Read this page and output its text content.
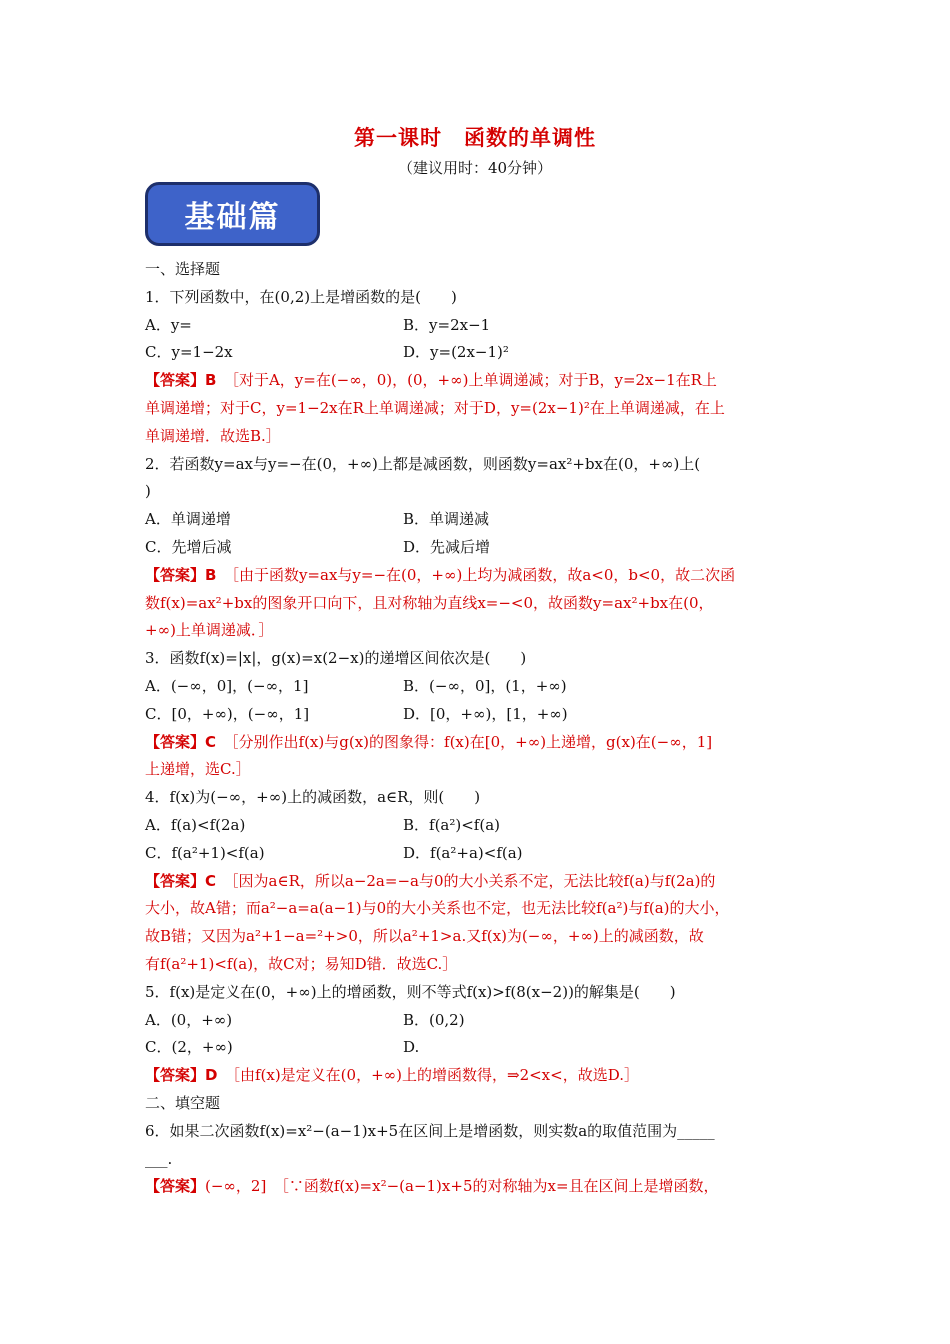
第一课时　函数的单调性
（建议用时：40分钟）
基础篇
一、选择题
1．下列函数中，在(0,2)上是增函数的是(　　)
A．y=	B．y=2x−1
C．y=1−2x	D．y=(2x−1)²
【答案】B　 ［对于A，y=在(−∞，0)，(0，+∞)上单调递减；对于B，y=2x−1在R上
单调递增；对于C，y=1−2x在R上单调递减；对于D，y=(2x−1)²在上单调递减，在上
单调递增．故选B.］
2．若函数y=ax与y=−在(0，+∞)上都是减函数，则函数y=ax²+bx在(0，+∞)上(
)
A．单调递增	B．单调递减
C．先增后减	D．先减后增
【答案】B　 ［由于函数y=ax与y=−在(0，+∞)上均为减函数，故a<0，b<0，故二次函
数f(x)=ax²+bx的图象开口向下，且对称轴为直线x=−<0，故函数y=ax²+bx在(0，
+∞)上单调递减．］
3．函数f(x)=|x|，g(x)=x(2−x)的递增区间依次是(　　)
A．(−∞，0]，(−∞，1]	B．(−∞，0]，(1，+∞)
C．[0，+∞)，(−∞，1]	D．[0，+∞)，[1，+∞)
【答案】C　 ［分别作出f(x)与g(x)的图象得：f(x)在[0，+∞)上递增，g(x)在(−∞，1]
上递增，选C.］
4．f(x)为(−∞，+∞)上的减函数，a∈R，则(　　)
A．f(a)<f(2a)	B．f(a²)<f(a)
C．f(a²+1)<f(a)	D．f(a²+a)<f(a)
【答案】C　 ［因为a∈R，所以a−2a=−a与0的大小关系不定，无法比较f(a)与f(2a)的
大小，故A错；而a²−a=a(a−1)与0的大小关系也不定，也无法比较f(a²)与f(a)的大小，
故B错；又因为a²+1−a=²+>0，所以a²+1>a.又f(x)为(−∞，+∞)上的减函数，故
有f(a²+1)<f(a)，故C对；易知D错．故选C.］
5．f(x)是定义在(0，+∞)上的增函数，则不等式f(x)>f(8(x−2))的解集是(　　)
A．(0，+∞)	B．(0,2)
C．(2，+∞)	D.
【答案】D　 ［由f(x)是定义在(0，+∞)上的增函数得，⇒2<x<，故选D.］
二、填空题
6．如果二次函数f(x)=x²−(a−1)x+5在区间上是增函数，则实数a的取值范围为_____
___.
【答案】(−∞，2]　［∵函数f(x)=x²−(a−1)x+5的对称轴为x=且在区间上是增函数，
